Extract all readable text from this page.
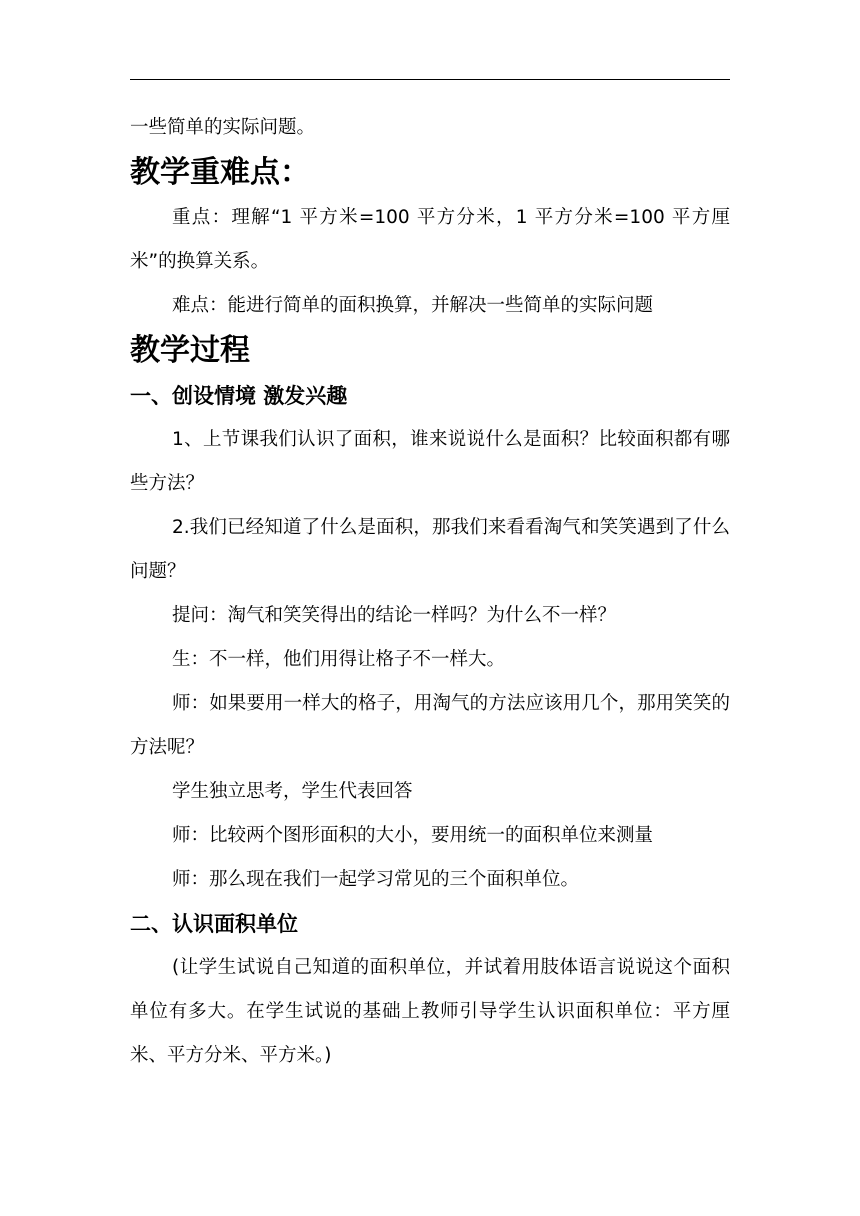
一些简单的实际问题。

教学重难点：

重点：理解“1 平方米=100 平方分米，1 平方分米=100 平方厘米”的换算关系。

难点：能进行简单的面积换算，并解决一些简单的实际问题

教学过程
一、创设情境 激发兴趣

1、上节课我们认识了面积，谁来说说什么是面积？比较面积都有哪 些方法？

2.我们已经知道了什么是面积，那我们来看看淘气和笑笑遇到了什么问题？

提问：淘气和笑笑得出的结论一样吗？为什么不一样？

生：不一样，他们用得让格子不一样大。

师：如果要用一样大的格子，用淘气的方法应该用几个，那用笑笑的方法呢？

学生独立思考，学生代表回答

师：比较两个图形面积的大小，要用统一的面积单位来测量

师：那么现在我们一起学习常见的三个面积单位。

二、认识面积单位

(让学生试说自己知道的面积单位，并试着用肢体语言说说这个面积单位有多大。在学生试说的基础上教师引导学生认识面积单位：平方厘米、平方分米、平方米。)
